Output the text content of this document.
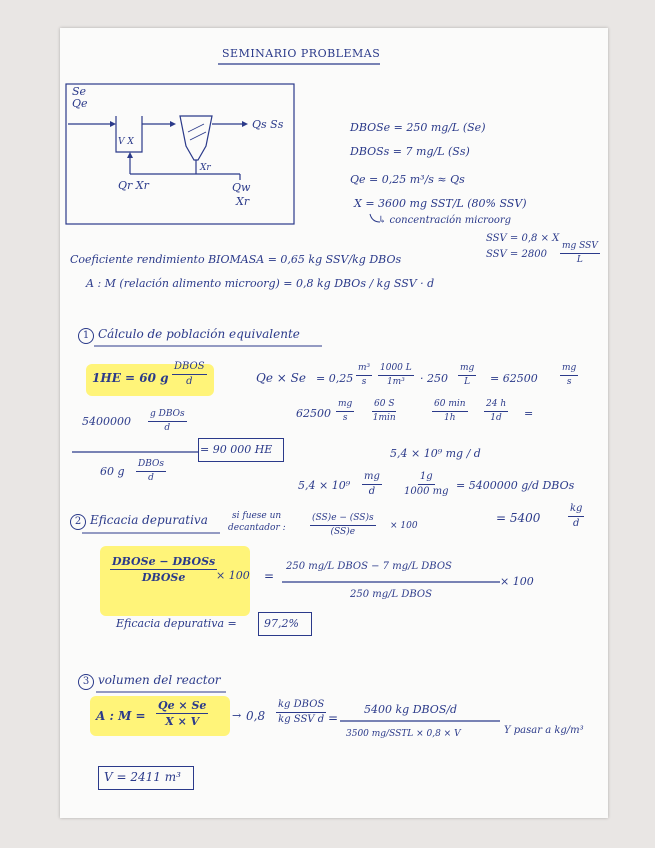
SEMINARIO PROBLEMAS
Se
Qe
V X
Qs Ss
Xr
Qr Xr	Qw
Xr
DBOSe = 250 mg/L (Se)
DBOSs = 7 mg/L (Ss)
Qe = 0,25 m³/s ≈ Qs
X = 3600 mg SST/L (80% SSV)
↳ concentración microorg
SSV = 0,8 × X
SSV = 2800
mg SSV
L
Coeficiente rendimiento BIOMASA = 0,65 kg SSV/kg DBOs
A : M (relación alimento microorg) = 0,8 kg DBOs / kg SSV · d
1 Cálculo de población equivalente
1HE = 60 g
DBOS
d	$Qe \times Se = 0,25 \frac{\text{m³}}{s} \frac{1000 L}{\text{1m³}} \cdot 250 \frac{mg}{L} = 62500 \frac{mg}{s}$
$62500 \frac{mg}{s} 60$ S
1min
60 min
1h	$\frac{24 h}{1d}$ =
5,4 × 10⁹ mg / d
$5,4 \times 10^9 \frac{mg}{d} \frac{1g}{1000 mg} = 5400000$ g/d DBOs
= 5400	$\frac{kg}{d}$
5400000
g DBOs
d
60 g
DBOs
d
= 90 000 HE
2 Eficacia depurativa	si fuese un
decantador :	$\frac{(SS)e - (SS)s}{(SS)e} \times 100$
DBOSe − DBOSs
DBOSe	× 100 =
250 mg/L DBOS − 7 mg/L DBOS
250 mg/L DBOS
× 100
Eficacia depurativa = 97,2%
3 volumen del reactor
A : $M = \frac{Qe \times Se}{X \times V} \to 0,8$
kg DBOS
kg SSV d =
5400 kg DBOS/d
3500 mg/SSTL × 0,8 × V	Y pasar a kg/m³
V = 2411 m³
